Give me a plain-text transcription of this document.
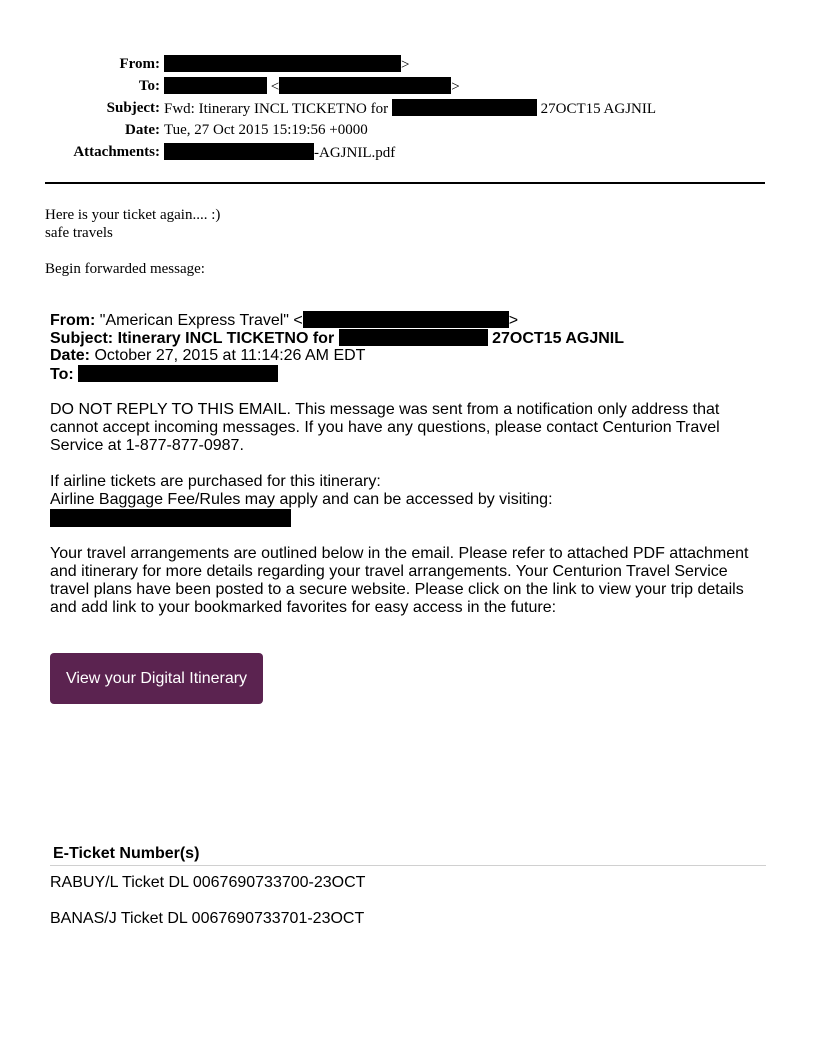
From:	>
To:	<	>
Subject: Fwd: Itinerary INCL TICKETNO for	27OCT15 AGJNIL
Date: Tue, 27 Oct 2015 15:19:56 +0000
Attachments:	-AGJNIL.pdf

Here is your ticket again.... :)

safe travels

Begin forwarded message:
From: "American Express Travel" <	>
Subject: Itinerary INCL TICKETNO for	27OCT15 AGJNIL
Date: October 27, 2015 at 11:14:26 AM EDT
To:

DO NOT REPLY TO THIS EMAIL. This message was sent from a notification only address that

cannot accept incoming messages. If you have any questions, please contact Centurion Travel

Service at 1-877-877-0987.

If airline tickets are purchased for this itinerary:

Airline Baggage Fee/Rules may apply and can be accessed by visiting:

Your travel arrangements are outlined below in the email. Please refer to attached PDF attachment

and itinerary for more details regarding your travel arrangements. Your Centurion Travel Service

travel plans have been posted to a secure website. Please click on the link to view your trip details

and add link to your bookmarked favorites for easy access in the future:

View your Digital Itinerary
E-Ticket Number(s)
RABUY/L Ticket DL 0067690733700-23OCT
BANAS/J Ticket DL 0067690733701-23OCT
